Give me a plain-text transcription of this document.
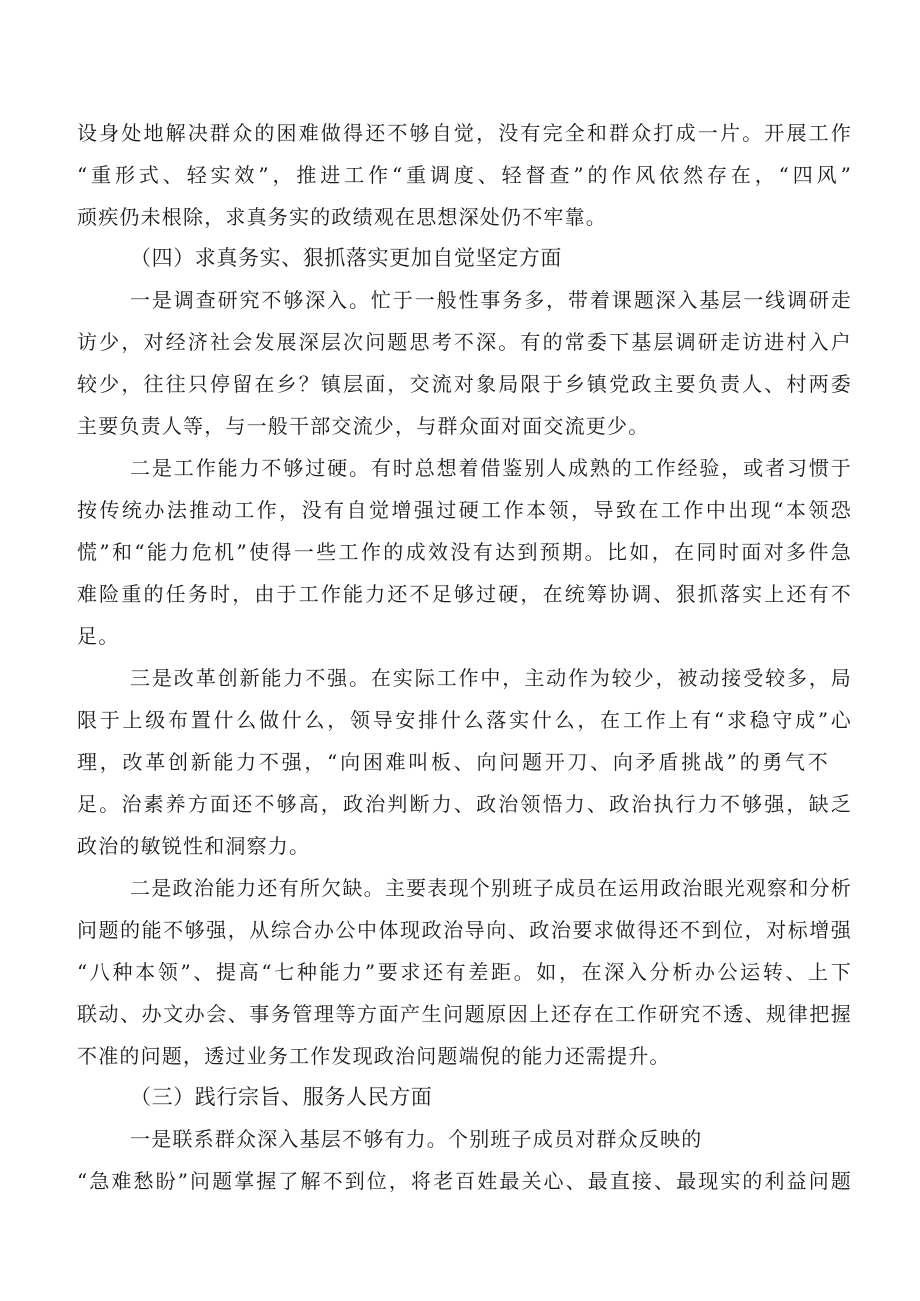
设身处地解决群众的困难做得还不够自觉，没有完全和群众打成一片。开展工作
“重形式、轻实效”，推进工作“重调度、轻督查”的作风依然存在，“四风”
顽疾仍未根除，求真务实的政绩观在思想深处仍不牢靠。
（四）求真务实、狠抓落实更加自觉坚定方面
一是调查研究不够深入。忙于一般性事务多，带着课题深入基层一线调研走
访少，对经济社会发展深层次问题思考不深。有的常委下基层调研走访进村入户
较少，往往只停留在乡？镇层面，交流对象局限于乡镇党政主要负责人、村两委
主要负责人等，与一般干部交流少，与群众面对面交流更少。
二是工作能力不够过硬。有时总想着借鉴别人成熟的工作经验，或者习惯于
按传统办法推动工作，没有自觉增强过硬工作本领，导致在工作中出现“本领恐
慌”和“能力危机”使得一些工作的成效没有达到预期。比如，在同时面对多件急
难险重的任务时，由于工作能力还不足够过硬，在统筹协调、狠抓落实上还有不
足。
三是改革创新能力不强。在实际工作中，主动作为较少，被动接受较多，局
限于上级布置什么做什么，领导安排什么落实什么，在工作上有“求稳守成”心
理，改革创新能力不强，“向困难叫板、向问题开刀、向矛盾挑战”的勇气不
足。治素养方面还不够高，政治判断力、政治领悟力、政治执行力不够强，缺乏
政治的敏锐性和洞察力。
二是政治能力还有所欠缺。主要表现个别班子成员在运用政治眼光观察和分析
问题的能不够强，从综合办公中体现政治导向、政治要求做得还不到位，对标增强
“八种本领”、提高“七种能力”要求还有差距。如，在深入分析办公运转、上下
联动、办文办会、事务管理等方面产生问题原因上还存在工作研究不透、规律把握
不准的问题，透过业务工作发现政治问题端倪的能力还需提升。
（三）践行宗旨、服务人民方面
一是联系群众深入基层不够有力。个别班子成员对群众反映的
“急难愁盼”问题掌握了解不到位，将老百姓最关心、最直接、最现实的利益问题
